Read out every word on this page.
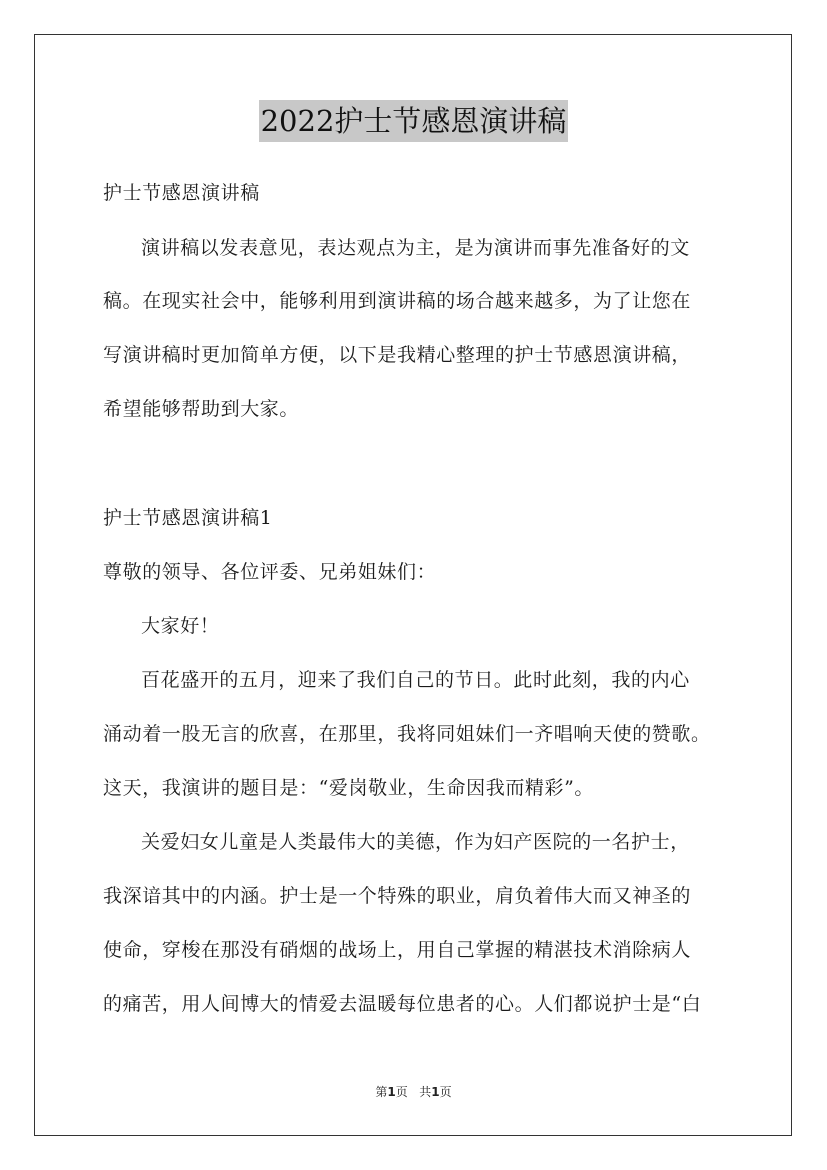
2022护士节感恩演讲稿
护士节感恩演讲稿
演讲稿以发表意见，表达观点为主，是为演讲而事先准备好的文
稿。在现实社会中，能够利用到演讲稿的场合越来越多，为了让您在
写演讲稿时更加简单方便，以下是我精心整理的护士节感恩演讲稿，
希望能够帮助到大家。
护士节感恩演讲稿1
尊敬的领导、各位评委、兄弟姐妹们：
大家好！
百花盛开的五月，迎来了我们自己的节日。此时此刻，我的内心
涌动着一股无言的欣喜，在那里，我将同姐妹们一齐唱响天使的赞歌。
这天，我演讲的题目是：“爱岗敬业，生命因我而精彩”。
关爱妇女儿童是人类最伟大的美德，作为妇产医院的一名护士，
我深谙其中的内涵。护士是一个特殊的职业，肩负着伟大而又神圣的
使命，穿梭在那没有硝烟的战场上，用自己掌握的精湛技术消除病人
的痛苦，用人间博大的情爱去温暖每位患者的心。人们都说护士是“白
第1页   共1页
